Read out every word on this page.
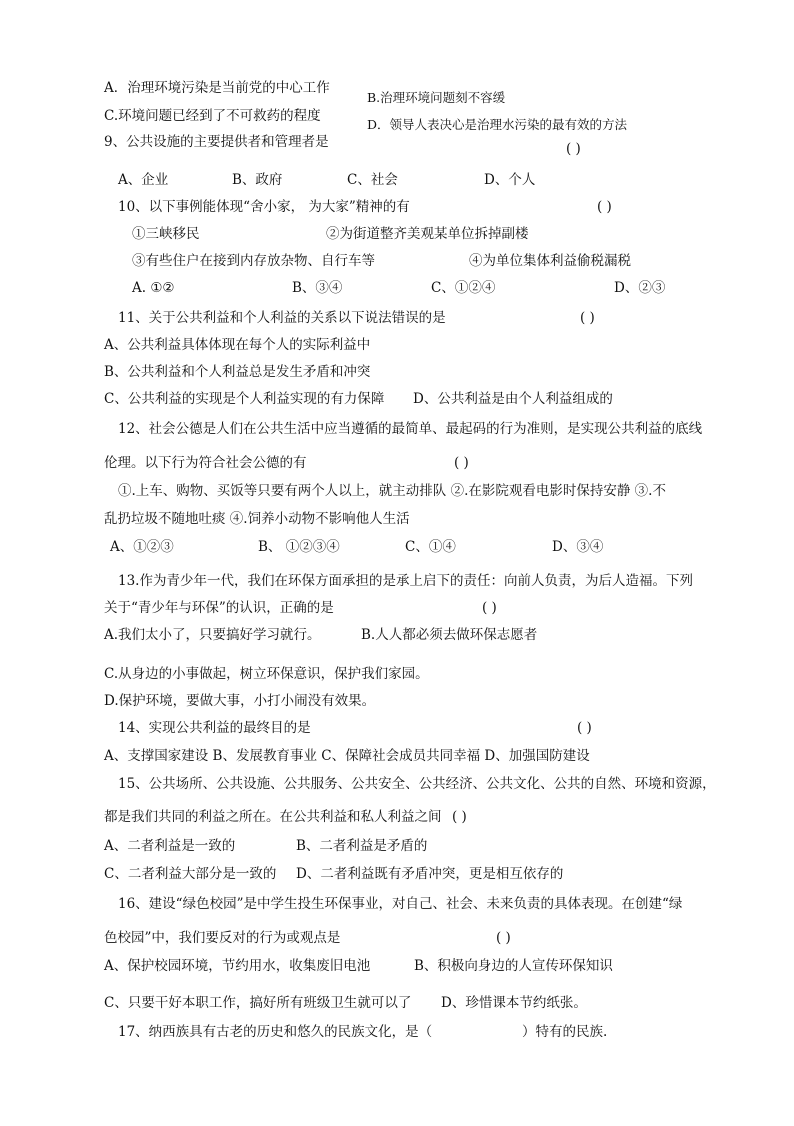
A．治理环境污染是当前党的中心工作
B.治理环境问题刻不容缓
C.环境问题已经到了不可救药的程度
D．领导人表决心是治理水污染的最有效的方法
9、公共设施的主要提供者和管理者是	( )
A、企业	B、政府	C、社会	D、个人
10、以下事例能体现“舍小家， 为大家”精神的有	( )
①三峡移民	②为街道整齐美观某单位拆掉副楼
③有些住户在接到内存放杂物、自行车等	④为单位集体利益偷税漏税
A. ①②	B、③④	C、①②④	D、②③
11、关于公共利益和个人利益的关系以下说法错误的是	( )
A、公共利益具体体现在每个人的实际利益中
B、公共利益和个人利益总是发生矛盾和冲突
C、公共利益的实现是个人利益实现的有力保障 D、公共利益是由个人利益组成的
12、社会公德是人们在公共生活中应当遵循的最简单、最起码的行为准则，是实现公共利益的底线
伦理。以下行为符合社会公德的有	( )
①.上车、购物、买饭等只要有两个人以上，就主动排队 ②.在影院观看电影时保持安静 ③.不
乱扔垃圾不随地吐痰 ④.饲养小动物不影响他人生活
A、①②③	B、 ①②③④	C、①④	D、③④
13.作为青少年一代，我们在环保方面承担的是承上启下的责任：向前人负责，为后人造福。下列
关于“青少年与环保”的认识，正确的是	( )
A.我们太小了，只要搞好学习就行。	B.人人都必须去做环保志愿者
C.从身边的小事做起，树立环保意识，保护我们家园。
D.保护环境，要做大事，小打小闹没有效果。
14、实现公共利益的最终目的是	( )
A、支撑国家建设 B、发展教育事业 C、保障社会成员共同幸福 D、加强国防建设
15、公共场所、公共设施、公共服务、公共安全、公共经济、公共文化、公共的自然、环境和资源，
都是我们共同的利益之所在。在公共利益和私人利益之间 ( )
A、二者利益是一致的	B、二者利益是矛盾的
C、二者利益大部分是一致的 D、二者利益既有矛盾冲突，更是相互依存的
16、建设“绿色校园”是中学生投生环保事业，对自己、社会、未来负责的具体表现。在创建“绿
色校园”中，我们要反对的行为或观点是	( )
A、保护校园环境，节约用水，收集废旧电池	B、积极向身边的人宣传环保知识
C、只要干好本职工作，搞好所有班级卫生就可以了 D、珍惜课本节约纸张。
17、纳西族具有古老的历史和悠久的民族文化，是（	）特有的民族.
